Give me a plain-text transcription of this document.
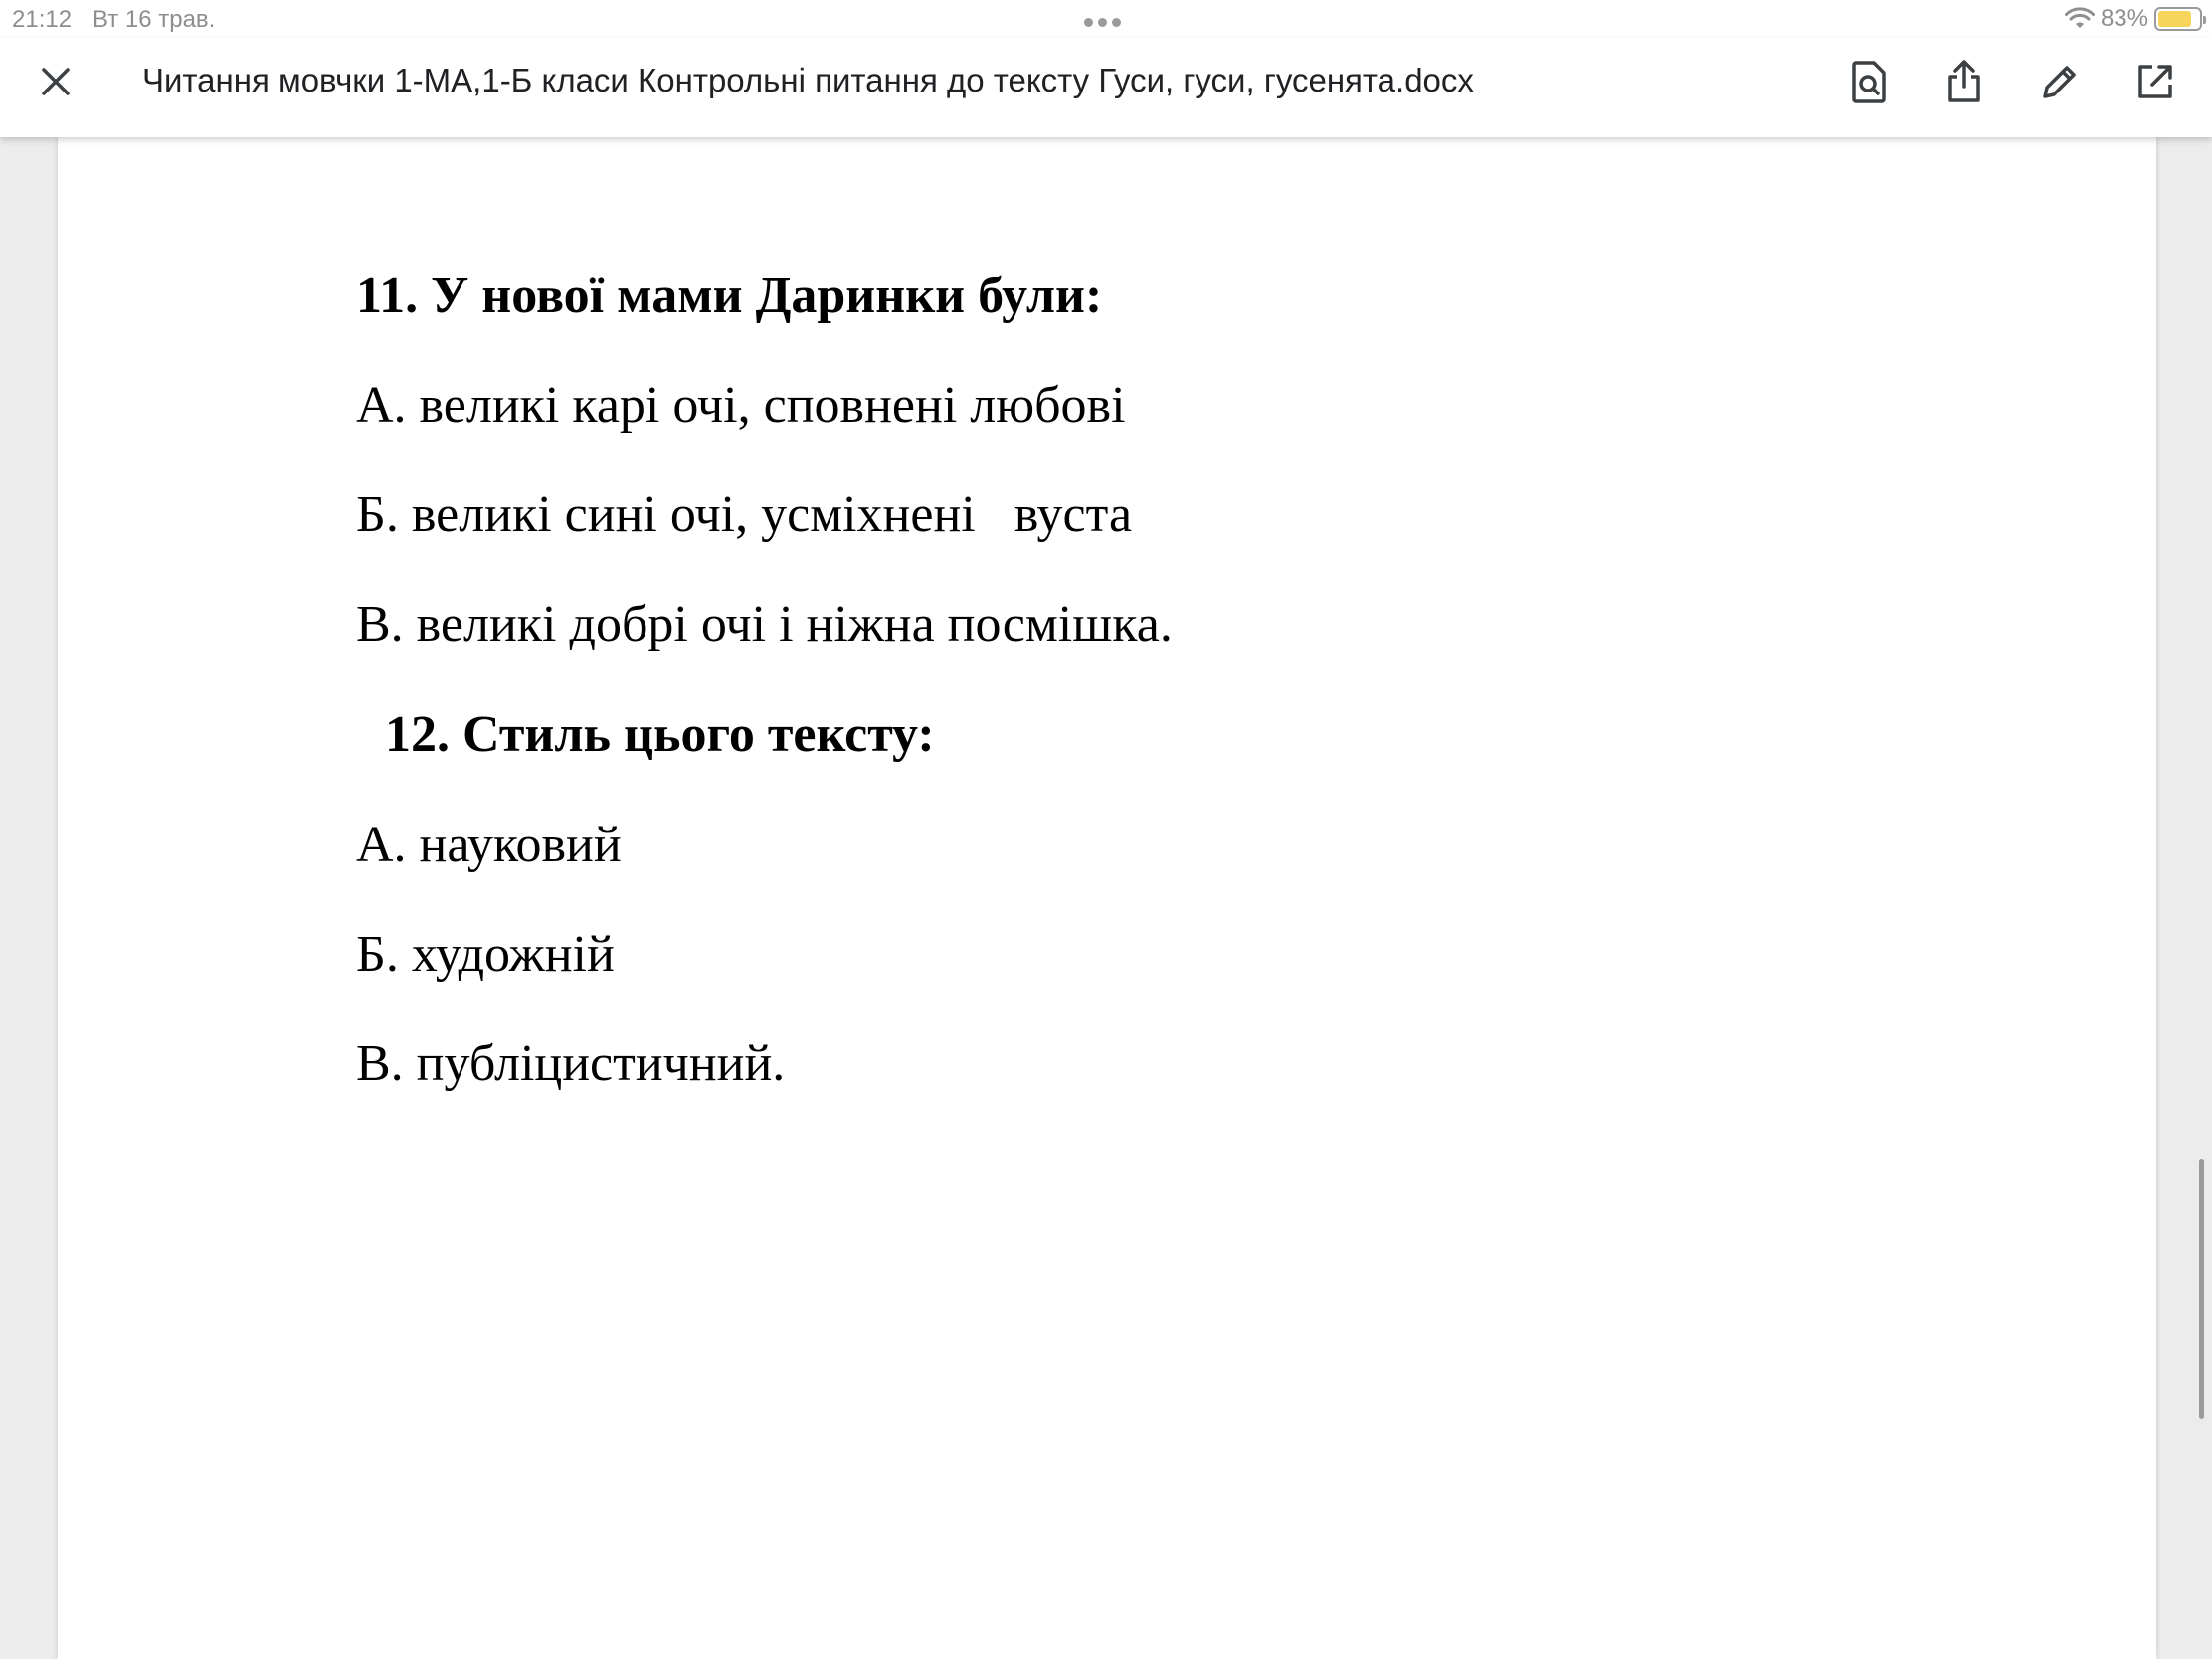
21:12 Вт 16 трав.	83%
Читання мовчки 1-МА,1-Б класи Контрольні питання до тексту Гуси, гуси, гусенята.docx
11. У нової мами Даринки були:
А. великі карі очі, сповнені любові
Б. великі сині очі, усміхнені   вуста
В. великі добрі очі і ніжна посмішка.
12. Стиль цього тексту:
А. науковий
Б. художній
В. публіцистичний.
